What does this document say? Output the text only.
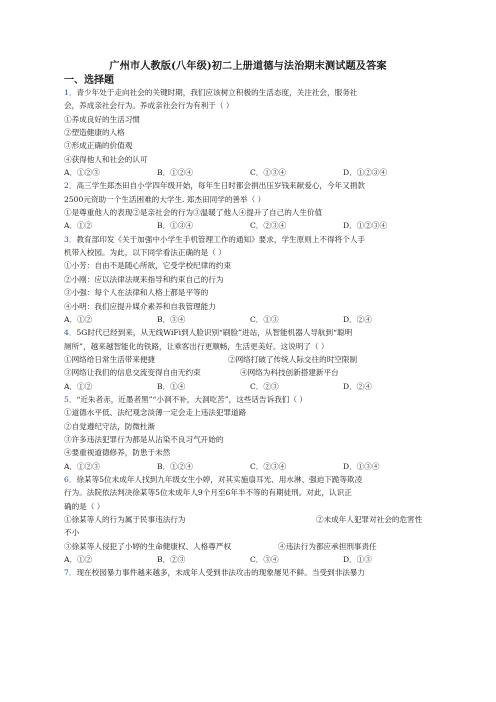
广州市人教版(八年级)初二上册道德与法治期末测试题及答案
一、选择题
1．青少年处于走向社会的关键时期，我们应该树立积极的生活态度，关注社会，服务社
会，养成亲社会行为。养成亲社会行为有利于（ ）
①养成良好的生活习惯
②塑造健康的人格
③形成正确的价值观
④获得他人和社会的认可
A．①②③	B．①②④	C．①③④	D．①②③④
2．高三学生郑杰田自小学四年级开始，每年生日时都会捐出压岁钱来献爱心，今年又捐款
2500元资助一个生活困难的大学生. 郑杰田同学的善举（ ）
①是尊重他人的表现②是亲社会的行为③温暖了他人④提升了自己的人生价值
A．①②	B．①③④	C．②③④	D．①②③④
3．教育部印发《关于加强中小学生手机管理工作的通知》要求，学生原则上不得将个人手
机带入校园。为此，以下同学看法正确的是（ ）
①小芳：自由不是随心所欲，它受学校纪律的约束
②小刚：应以法律法规来指导和约束自己的行为
③小强：每个人在法律和人格上都是平等的
④小明：我们应提升媒介素养和自我管理能力
A．①②	B．③④	C．①③	D．②④
4．5G时代已经到来，从无线WiFi到人脸识别“刷脸”进站，从智能机器人导航到“聪明
厕所”，越来越智能化的铁路，让乘客出行更顺畅，生活更美好。这说明了（ ）
①网络给日常生活带来便捷	②网络打破了传统人际交往的时空限制
③网络让我们的信息交流变得自由无约束	④网络为科技创新搭建新平台
A．①②	B．①④	C．②③	D．②④
5．“近朱者赤，近墨者黑”“小洞不补，大洞吃苦”，这些话告诉我们（ ）
①道德水平低、法纪观念淡薄一定会走上违法犯罪道路
②自觉遵纪守法，防微杜渐
③许多违法犯罪行为都是从沾染不良习气开始的
④要重视道德修养，防患于未然
A．①②③	B．①②④	C．②③④	D．①③④
6．徐某等5位未成年人找到九年级女生小婷，对其实施扇耳光、用水淋、强迫下跪等欺凌
行为。法院依法判决徐某等5位未成年人9个月至6年半不等的有期徒刑。对此，认识正
确的是（ ）
①徐某等人的行为属于民事违法行为	②未成年人犯罪对社会的危害性
不小
③徐某等人侵犯了小婷的生命健康权、人格尊严权	④违法行为都应承担刑事责任
A．①②	B．②③	C．③④	D．①③
7．现在校园暴力事件越来越多，未成年人受到非法攻击的现象屡见不鲜。当受到非法暴力
